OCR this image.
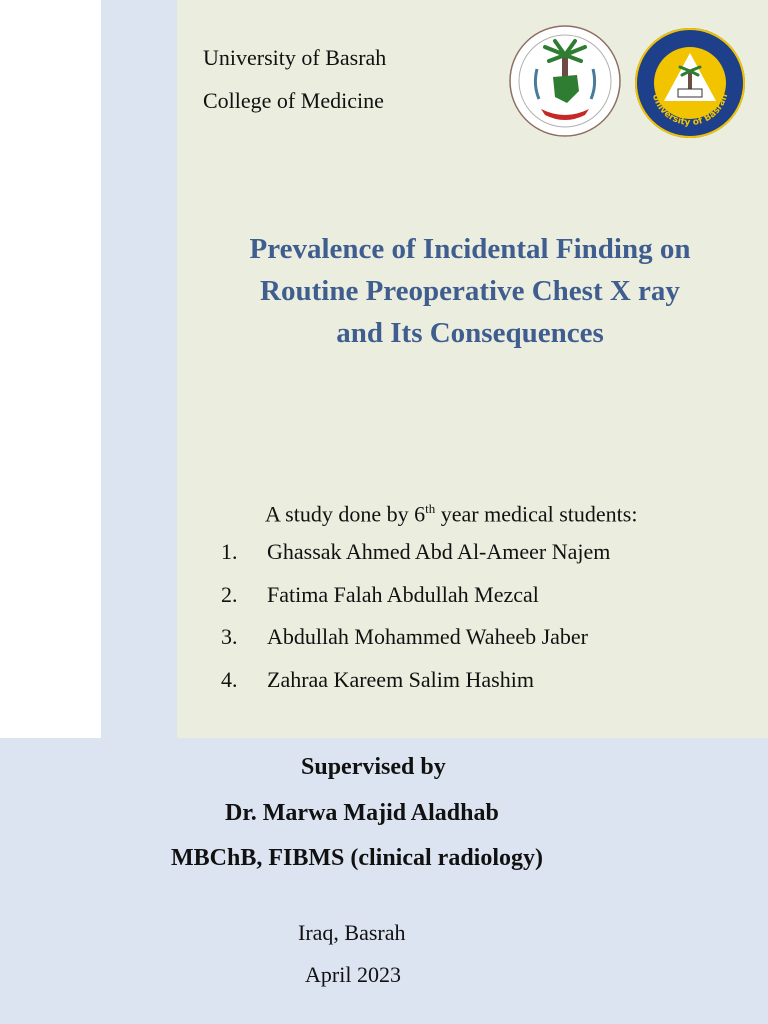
University of Basrah

College of Medicine	University of Basrah
Prevalence of Incidental Finding on
Routine Preoperative Chest X ray
and Its Consequences

A study done by 6th year medical students:

1. Ghassak Ahmed Abd Al-Ameer Najem
2. Fatima Falah Abdullah Mezcal
3. Abdullah Mohammed Waheeb Jaber
4. Zahraa Kareem Salim Hashim

Supervised by

Dr. Marwa Majid Aladhab

MBChB, FIBMS (clinical radiology)

Iraq, Basrah

April 2023
